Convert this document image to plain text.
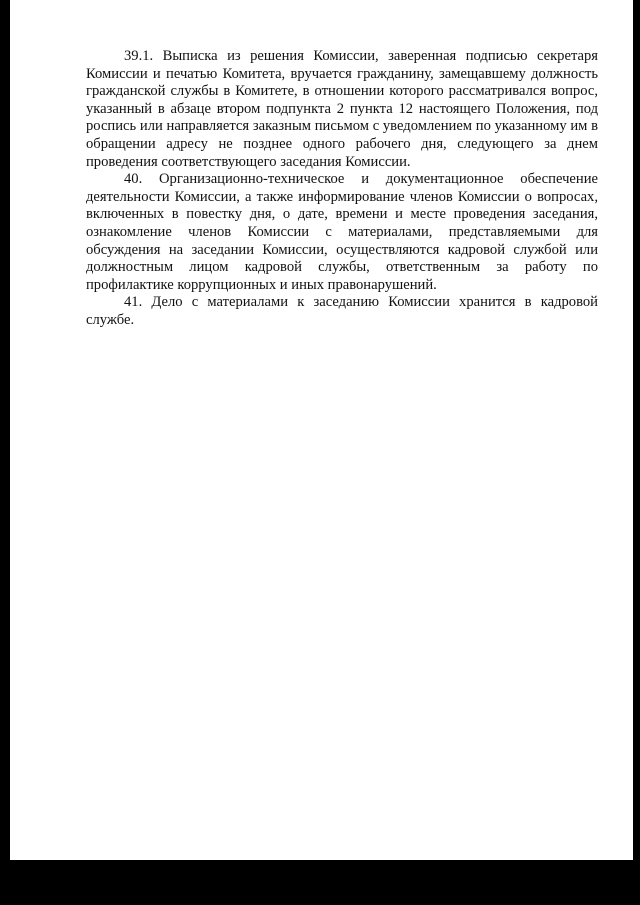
39.1. Выписка из решения Комиссии, заверенная подписью секретаря Комиссии и печатью Комитета, вручается гражданину, замещавшему должность гражданской службы в Комитете, в отношении которого рассматривался вопрос, указанный в абзаце втором подпункта 2 пункта 12 настоящего Положения, под роспись или направляется заказным письмом с уведомлением по указанному им в обращении адресу не позднее одного рабочего дня, следующего за днем проведения соответствующего заседания Комиссии.

40. Организационно-техническое и документационное обеспечение деятельности Комиссии, а также информирование членов Комиссии о вопросах, включенных в повестку дня, о дате, времени и месте проведения заседания, ознакомление членов Комиссии с материалами, представляемыми для обсуждения на заседании Комиссии, осуществляются кадровой службой или должностным лицом кадровой службы, ответственным за работу по профилактике коррупционных и иных правонарушений.

41. Дело с материалами к заседанию Комиссии хранится в кадровой службе.
